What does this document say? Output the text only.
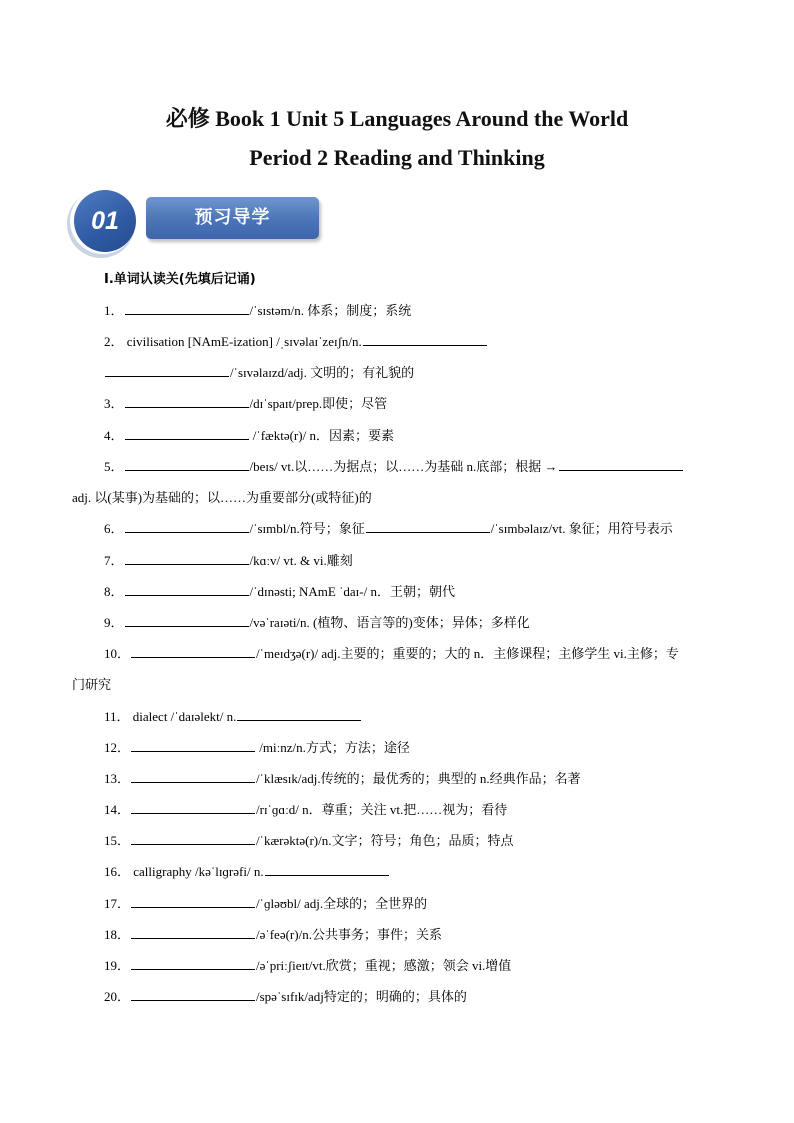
必修 Book 1 Unit 5 Languages Around the World
Period 2 Reading and Thinking
01	预习导学
Ⅰ.单词认读关(先填后记诵)
1．	/ˈsɪstəm/n. 体系；制度；系统
2． civilisation [NAmE-ization] /ˌsɪvəlaɪˈzeɪʃn/n.
/ˈsɪvəlaɪzd/adj. 文明的；有礼貌的
3．	/dɪˈspaɪt/prep.即使；尽管
4．	/ˈfæktə(r)/ n．因素；要素
5．	/beɪs/ vt.以……为据点；以……为基础 n.底部；根据 →
adj. 以(某事)为基础的；以……为重要部分(或特征)的
6．	/ˈsɪmbl/n.符号；象征	/ˈsɪmbəlaɪz/vt. 象征；用符号表示
7．	/kɑːv/ vt. & vi.雕刻
8．	/ˈdɪnəsti; NAmE ˈdaɪ-/ n．王朝；朝代
9．	/vəˈraɪəti/n. (植物、语言等的)变体；异体；多样化
10．	/ˈmeɪdʒə(r)/ adj.主要的；重要的；大的 n．主修课程；主修学生 vi.主修；专
门研究
11． dialect /ˈdaɪəlekt/ n.
12．	/miːnz/n.方式；方法；途径
13．	/ˈklæsɪk/adj.传统的；最优秀的；典型的 n.经典作品；名著
14．	/rɪˈɡɑːd/ n．尊重；关注 vt.把……视为；看待
15．	/ˈkærəktə(r)/n.文字；符号；角色；品质；特点
16． calligraphy /kəˈlɪɡrəfi/ n.
17．	/ˈɡləʊbl/ adj.全球的；全世界的
18．	/əˈfeə(r)/n.公共事务；事件；关系
19．	/əˈpriːʃieɪt/vt.欣赏；重视；感激；领会 vi.增值
20．	/spəˈsɪfɪk/adj特定的；明确的；具体的
